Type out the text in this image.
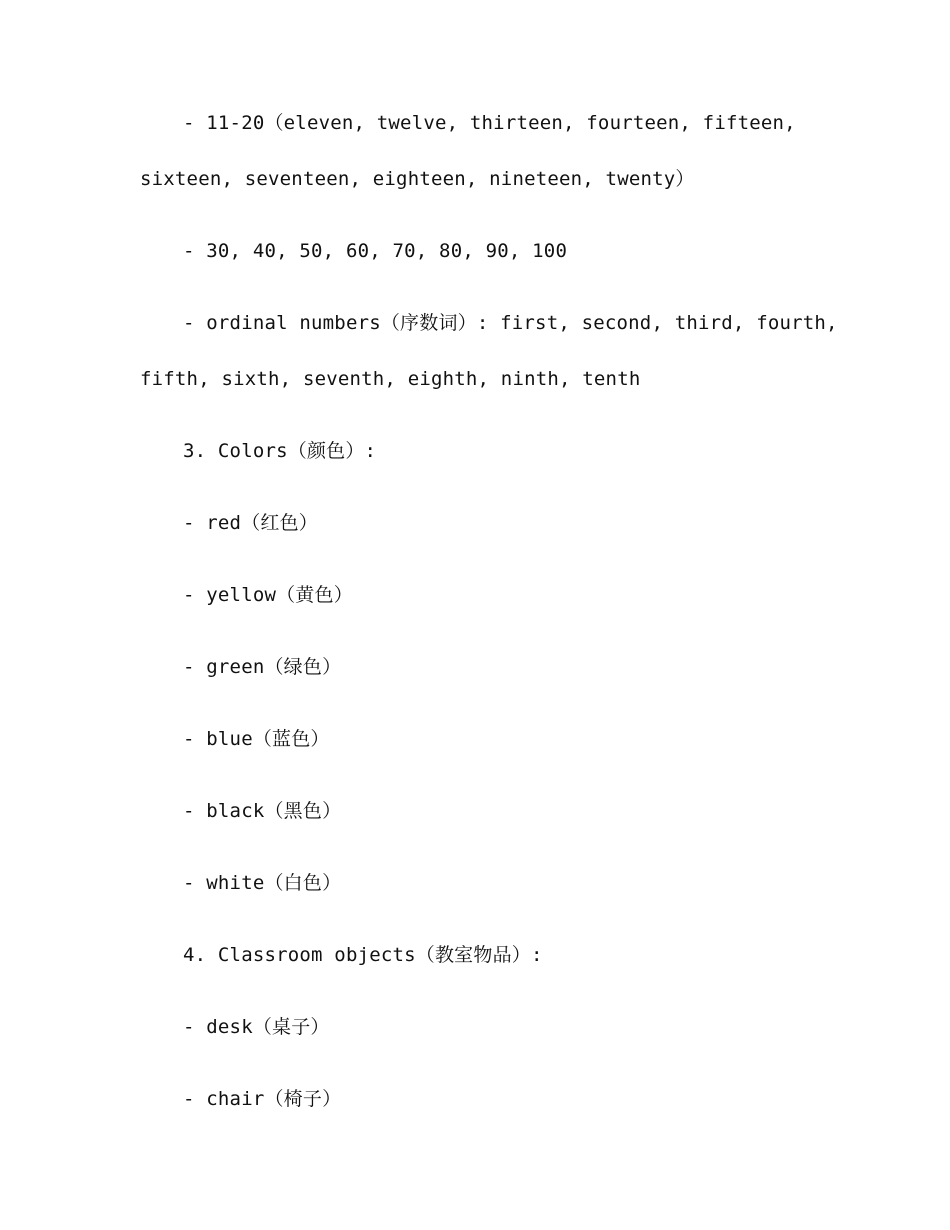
- 11-20（eleven, twelve, thirteen, fourteen, fifteen,
sixteen, seventeen, eighteen, nineteen, twenty）
- 30, 40, 50, 60, 70, 80, 90, 100
- ordinal numbers（序数词）: first, second, third, fourth,
fifth, sixth, seventh, eighth, ninth, tenth
3. Colors（颜色）:
- red（红色）
- yellow（黄色）
- green（绿色）
- blue（蓝色）
- black（黑色）
- white（白色）
4. Classroom objects（教室物品）:
- desk（桌子）
- chair（椅子）
